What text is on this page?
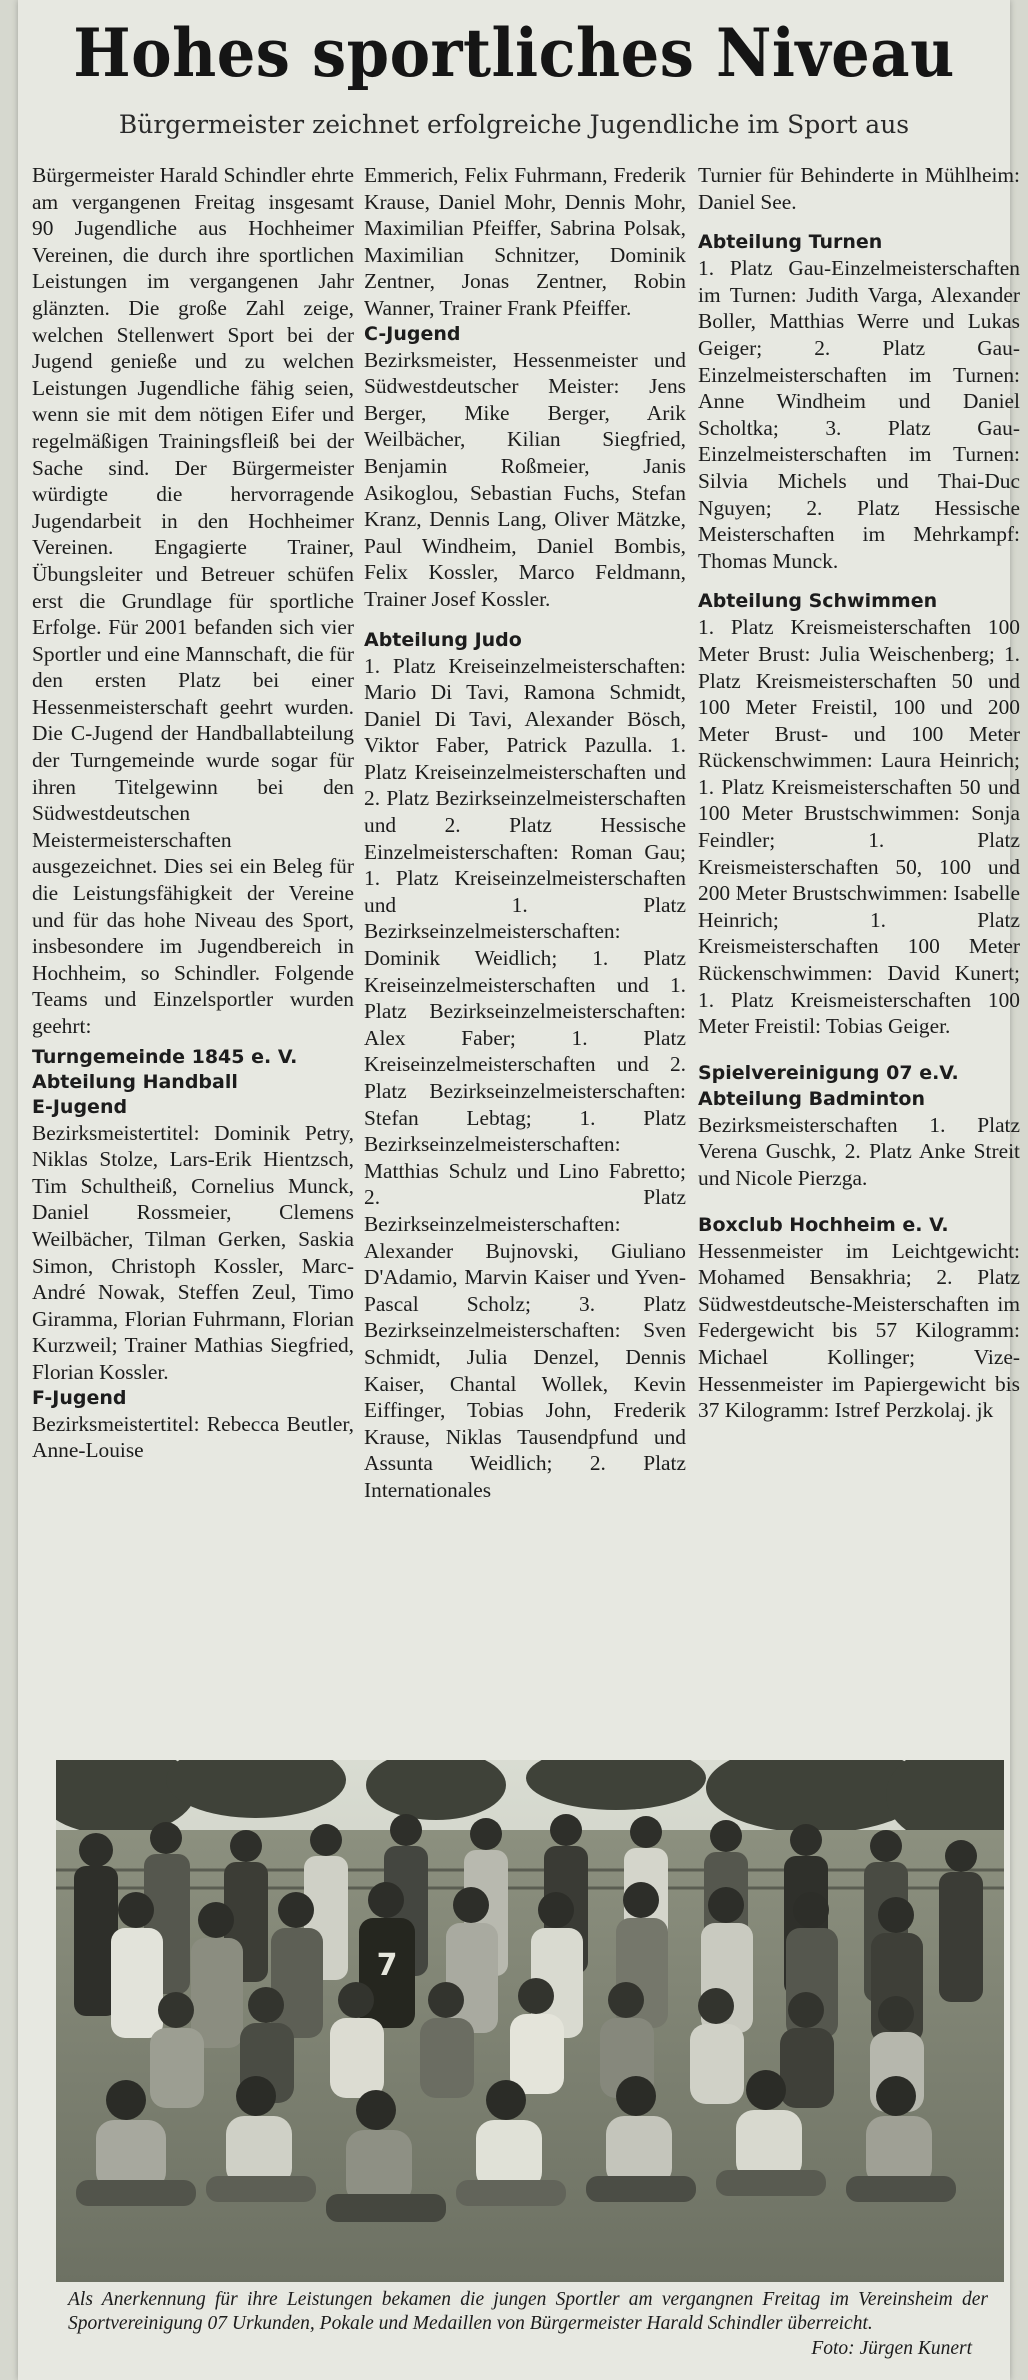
Hohes sportliches Niveau
Bürgermeister zeichnet erfolgreiche Jugendliche im Sport aus

Bürgermeister Harald Schindler ehrte am vergangenen Freitag insgesamt 90 Jugendliche aus Hochheimer Vereinen, die durch ihre sportlichen Leistungen im vergangenen Jahr glänzten. Die große Zahl zeige, welchen Stellenwert Sport bei der Jugend genieße und zu welchen Leistungen Jugendliche fähig seien, wenn sie mit dem nötigen Eifer und regelmäßigen Trainingsfleiß bei der Sache sind. Der Bürgermeister würdigte die hervorragende Jugendarbeit in den Hochheimer Vereinen. Engagierte Trainer, Übungsleiter und Betreuer schüfen erst die Grundlage für sportliche Erfolge. Für 2001 befanden sich vier Sportler und eine Mannschaft, die für den ersten Platz bei einer Hessenmeisterschaft geehrt wurden. Die C-Jugend der Handballabteilung der Turngemeinde wurde sogar für ihren Titelgewinn bei den Südwestdeutschen Meistermeisterschaften ausgezeichnet. Dies sei ein Beleg für die Leistungsfähigkeit der Vereine und für das hohe Niveau des Sport, insbesondere im Jugendbereich in Hochheim, so Schindler. Folgende Teams und Einzelsportler wurden geehrt:

Turngemeinde 1845 e. V.

Abteilung Handball

E-Jugend

Bezirksmeistertitel: Dominik Petry, Niklas Stolze, Lars-Erik Hientzsch, Tim Schultheiß, Cornelius Munck, Daniel Rossmeier, Clemens Weilbächer, Tilman Gerken, Saskia Simon, Christoph Kossler, Marc-André Nowak, Steffen Zeul, Timo Giramma, Florian Fuhrmann, Florian Kurzweil; Trainer Mathias Siegfried, Florian Kossler.

F-Jugend

Bezirksmeistertitel: Rebecca Beutler, Anne-Louise

Emmerich, Felix Fuhrmann, Frederik Krause, Daniel Mohr, Dennis Mohr, Maximilian Pfeiffer, Sabrina Polsak, Maximilian Schnitzer, Dominik Zentner, Jonas Zentner, Robin Wanner, Trainer Frank Pfeiffer.

C-Jugend

Bezirksmeister, Hessenmeister und Südwestdeutscher Meister: Jens Berger, Mike Berger, Arik Weilbächer, Kilian Siegfried, Benjamin Roßmeier, Janis Asikoglou, Sebastian Fuchs, Stefan Kranz, Dennis Lang, Oliver Mätzke, Paul Windheim, Daniel Bombis, Felix Kossler, Marco Feldmann, Trainer Josef Kossler.

Abteilung Judo

1. Platz Kreiseinzelmeisterschaften: Mario Di Tavi, Ramona Schmidt, Daniel Di Tavi, Alexander Bösch, Viktor Faber, Patrick Pazulla. 1. Platz Kreiseinzelmeisterschaften und 2. Platz Bezirkseinzelmeisterschaften und 2. Platz Hessische Einzelmeisterschaften: Roman Gau; 1. Platz Kreiseinzelmeisterschaften und 1. Platz Bezirkseinzelmeisterschaften: Dominik Weidlich; 1. Platz Kreiseinzelmeisterschaften und 1. Platz Bezirkseinzelmeisterschaften: Alex Faber; 1. Platz Kreiseinzelmeisterschaften und 2. Platz Bezirkseinzelmeisterschaften: Stefan Lebtag; 1. Platz Bezirkseinzelmeisterschaften: Matthias Schulz und Lino Fabretto; 2. Platz Bezirkseinzelmeisterschaften: Alexander Bujnovski, Giuliano D'Adamio, Marvin Kaiser und Yven-Pascal Scholz; 3. Platz Bezirkseinzelmeisterschaften: Sven Schmidt, Julia Denzel, Dennis Kaiser, Chantal Wollek, Kevin Eiffinger, Tobias John, Frederik Krause, Niklas Tausendpfund und Assunta Weidlich; 2. Platz Internationales

Turnier für Behinderte in Mühlheim: Daniel See.

Abteilung Turnen

1. Platz Gau-Einzelmeisterschaften im Turnen: Judith Varga, Alexander Boller, Matthias Werre und Lukas Geiger; 2. Platz Gau-Einzelmeisterschaften im Turnen: Anne Windheim und Daniel Scholtka; 3. Platz Gau-Einzelmeisterschaften im Turnen: Silvia Michels und Thai-Duc Nguyen; 2. Platz Hessische Meisterschaften im Mehrkampf: Thomas Munck.

Abteilung Schwimmen

1. Platz Kreismeisterschaften 100 Meter Brust: Julia Weischenberg; 1. Platz Kreismeisterschaften 50 und 100 Meter Freistil, 100 und 200 Meter Brust- und 100 Meter Rückenschwimmen: Laura Heinrich; 1. Platz Kreismeisterschaften 50 und 100 Meter Brustschwimmen: Sonja Feindler; 1. Platz Kreismeisterschaften 50, 100 und 200 Meter Brustschwimmen: Isabelle Heinrich; 1. Platz Kreismeisterschaften 100 Meter Rückenschwimmen: David Kunert; 1. Platz Kreismeisterschaften 100 Meter Freistil: Tobias Geiger.

Spielvereinigung 07 e.V.

Abteilung Badminton

Bezirksmeisterschaften 1. Platz Verena Guschk, 2. Platz Anke Streit und Nicole Pierzga.

Boxclub Hochheim e. V.

Hessenmeister im Leichtgewicht: Mohamed Bensakhria; 2. Platz Südwestdeutsche-Meisterschaften im Federgewicht bis 57 Kilogramm: Michael Kollinger; Vize-Hessenmeister im Papiergewicht bis 37 Kilogramm: Istref Perzkolaj. jk

7
Als Anerkennung für ihre Leistungen bekamen die jungen Sportler am vergangnen Freitag im Vereinsheim der Sportvereinigung 07 Urkunden, Pokale und Medaillen von Bürgermeister Harald Schindler überreicht.
Foto: Jürgen Kunert
